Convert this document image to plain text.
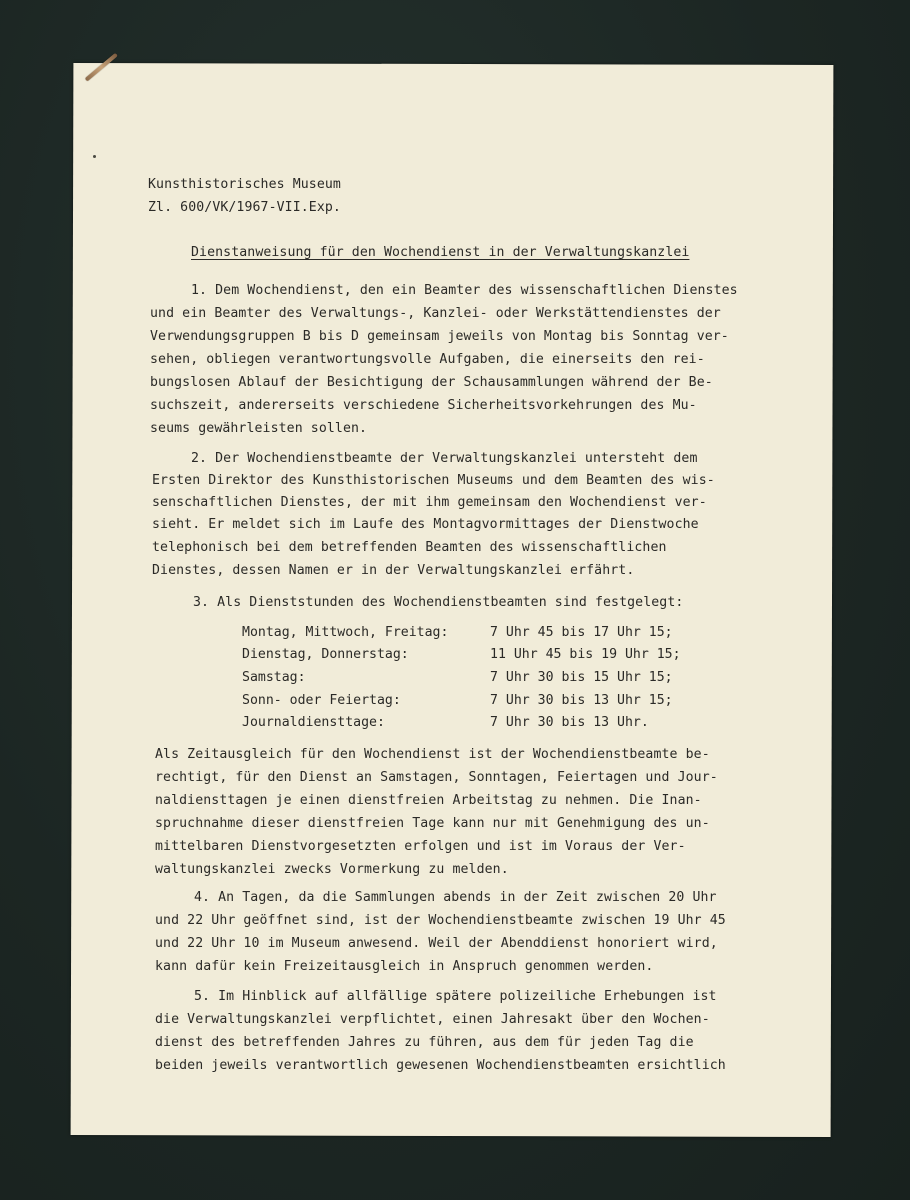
Kunsthistorisches Museum
Zl. 600/VK/1967-VII.Exp.
Dienstanweisung für den Wochendienst in der Verwaltungskanzlei
1. Dem Wochendienst, den ein Beamter des wissenschaftlichen Dienstes
und ein Beamter des Verwaltungs-, Kanzlei- oder Werkstättendienstes der
Verwendungsgruppen B bis D gemeinsam jeweils von Montag bis Sonntag ver-
sehen, obliegen verantwortungsvolle Aufgaben, die einerseits den rei-
bungslosen Ablauf der Besichtigung der Schausammlungen während der Be-
suchszeit, andererseits verschiedene Sicherheitsvorkehrungen des Mu-
seums gewährleisten sollen.
2. Der Wochendienstbeamte der Verwaltungskanzlei untersteht dem
Ersten Direktor des Kunsthistorischen Museums und dem Beamten des wis-
senschaftlichen Dienstes, der mit ihm gemeinsam den Wochendienst ver-
sieht. Er meldet sich im Laufe des Montagvormittages der Dienstwoche
telephonisch bei dem betreffenden Beamten des wissenschaftlichen
Dienstes, dessen Namen er in der Verwaltungskanzlei erfährt.
3. Als Dienststunden des Wochendienstbeamten sind festgelegt:
Montag, Mittwoch, Freitag:	7 Uhr 45 bis 17 Uhr 15;
Dienstag, Donnerstag:	11 Uhr 45 bis 19 Uhr 15;
Samstag:	7 Uhr 30 bis 15 Uhr 15;
Sonn- oder Feiertag:	7 Uhr 30 bis 13 Uhr 15;
Journaldiensttage:	7 Uhr 30 bis 13 Uhr.
Als Zeitausgleich für den Wochendienst ist der Wochendienstbeamte be-
rechtigt, für den Dienst an Samstagen, Sonntagen, Feiertagen und Jour-
naldiensttagen je einen dienstfreien Arbeitstag zu nehmen. Die Inan-
spruchnahme dieser dienstfreien Tage kann nur mit Genehmigung des un-
mittelbaren Dienstvorgesetzten erfolgen und ist im Voraus der Ver-
waltungskanzlei zwecks Vormerkung zu melden.
4. An Tagen, da die Sammlungen abends in der Zeit zwischen 20 Uhr
und 22 Uhr geöffnet sind, ist der Wochendienstbeamte zwischen 19 Uhr 45
und 22 Uhr 10 im Museum anwesend. Weil der Abenddienst honoriert wird,
kann dafür kein Freizeitausgleich in Anspruch genommen werden.
5. Im Hinblick auf allfällige spätere polizeiliche Erhebungen ist
die Verwaltungskanzlei verpflichtet, einen Jahresakt über den Wochen-
dienst des betreffenden Jahres zu führen, aus dem für jeden Tag die
beiden jeweils verantwortlich gewesenen Wochendienstbeamten ersichtlich
